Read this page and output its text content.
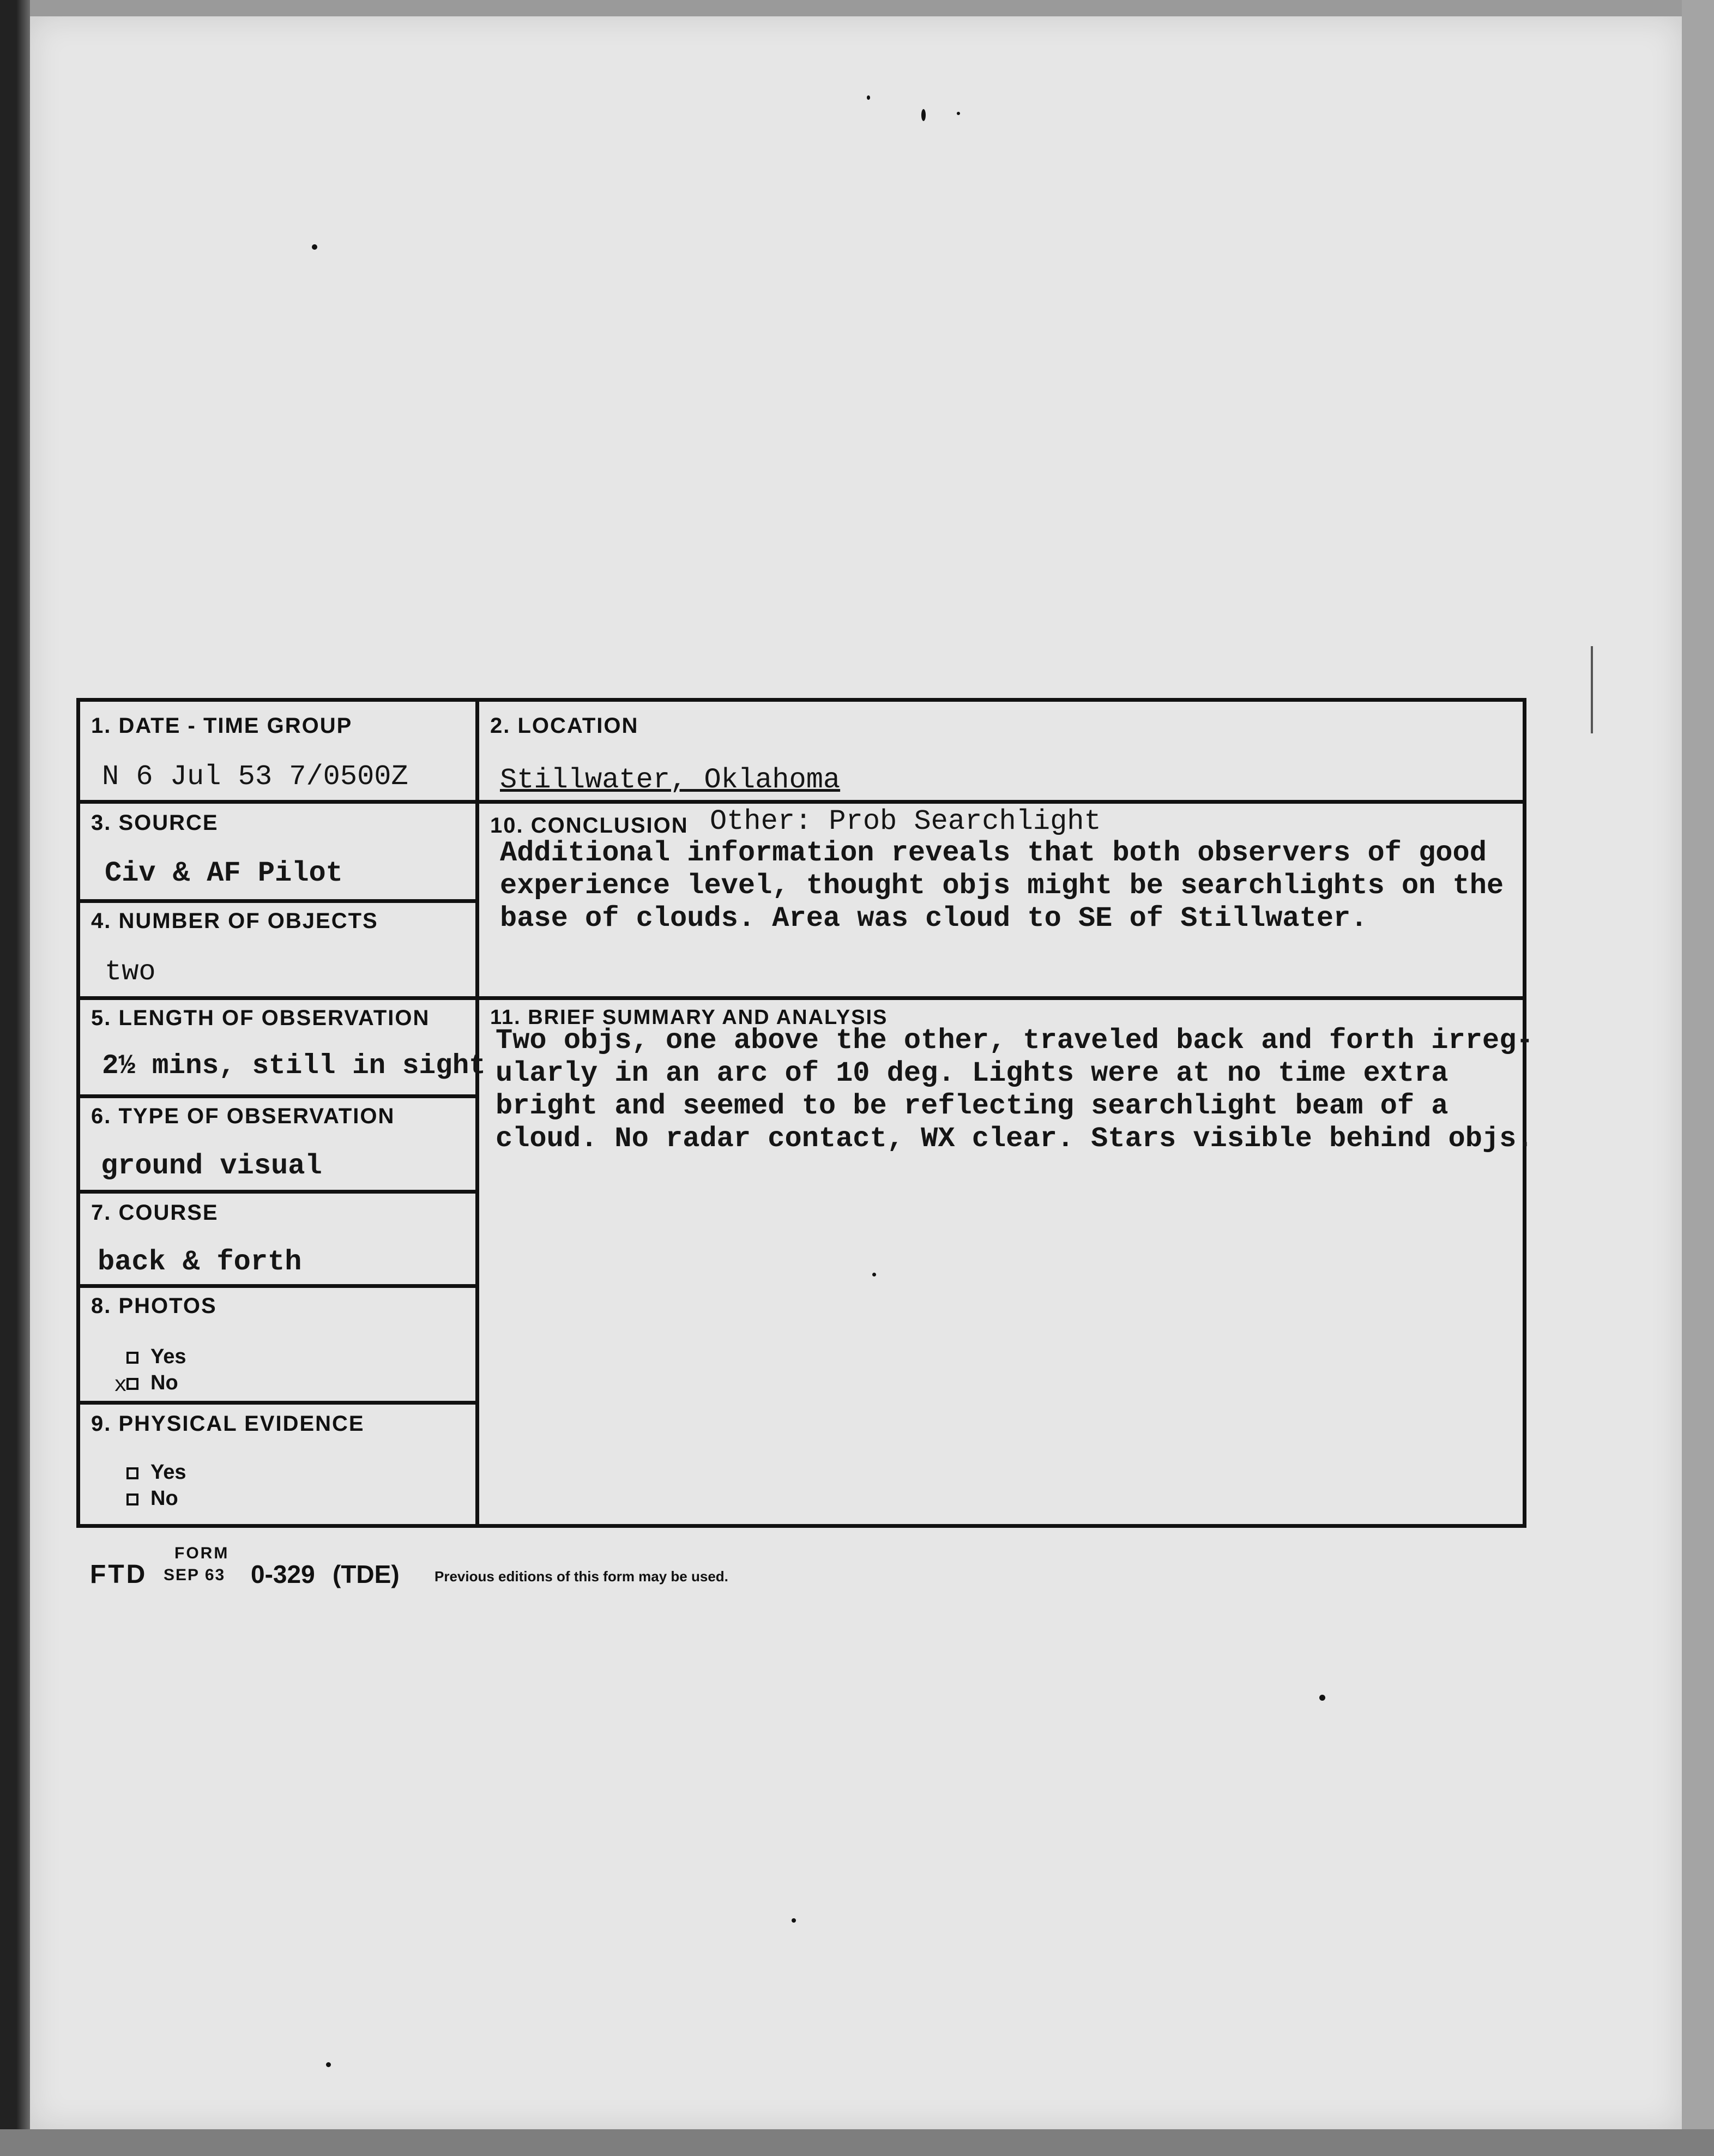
1. DATE - TIME GROUP
N 6 Jul 53 7/0500Z
2. LOCATION
Stillwater, Oklahoma
3. SOURCE
Civ & AF Pilot
4. NUMBER OF OBJECTS
two
5. LENGTH OF OBSERVATION
2½ mins, still in sight
6. TYPE OF OBSERVATION
ground visual
7. COURSE
back & forth
8. PHOTOS
Yes
No
x
9. PHYSICAL EVIDENCE
Yes
No
10. CONCLUSION Other: Prob Searchlight
Additional information reveals that both observers of good
experience level, thought objs might be searchlights on the
base of clouds. Area was cloud to SE of Stillwater.
11. BRIEF SUMMARY AND ANALYSIS
Two objs, one above the other, traveled back and forth irreg-
ularly in an arc of 10 deg. Lights were at no time extra
bright and seemed to be reflecting searchlight beam of a
cloud. No radar contact, WX clear. Stars visible behind objs.
FTD
FORM
SEP 63 0-329 (TDE) Previous editions of this form may be used.
